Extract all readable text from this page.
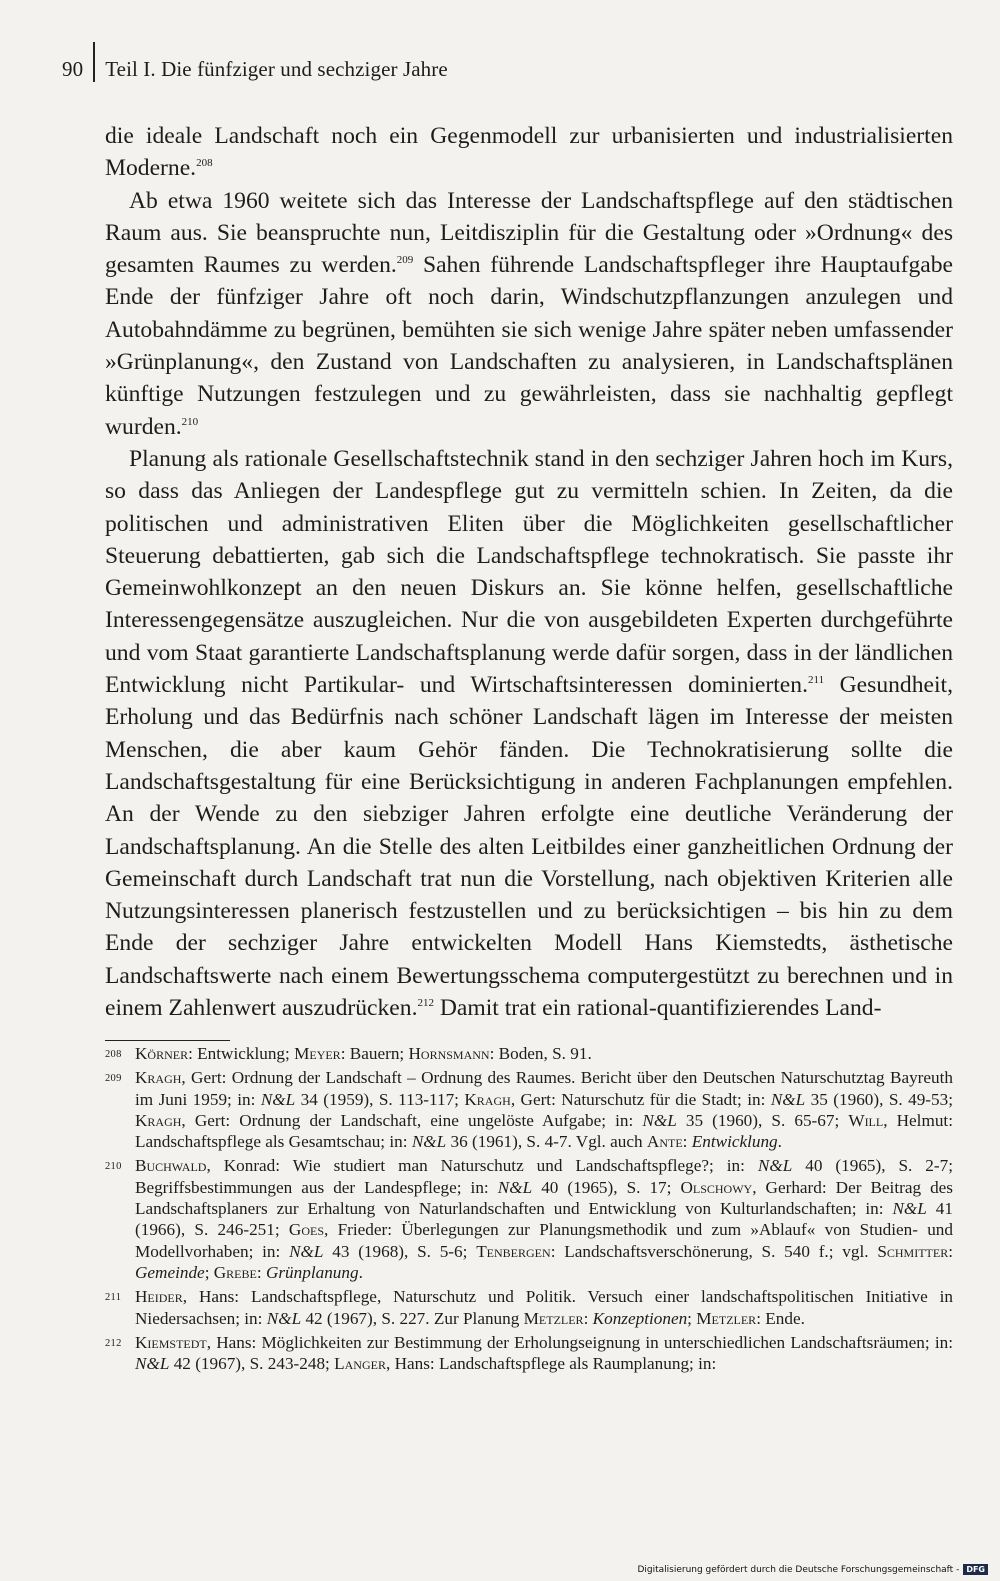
90 Teil I. Die fünfziger und sechziger Jahre

die ideale Landschaft noch ein Gegenmodell zur urbanisierten und industrialisierten Moderne.$^{208}$

Ab etwa 1960 weitete sich das Interesse der Landschaftspflege auf den städtischen Raum aus. Sie beanspruchte nun, Leitdisziplin für die Gestaltung oder »Ordnung« des gesamten Raumes zu werden.$^{209}$ Sahen führende Landschaftspfleger ihre Hauptaufgabe Ende der fünfziger Jahre oft noch darin, Windschutzpflanzungen anzulegen und Autobahndämme zu begrünen, bemühten sie sich wenige Jahre später neben umfassender »Grünplanung«, den Zustand von Landschaften zu analysieren, in Landschaftsplänen künftige Nutzungen festzulegen und zu gewährleisten, dass sie nachhaltig gepflegt wurden.$^{210}$

Planung als rationale Gesellschaftstechnik stand in den sechziger Jahren hoch im Kurs, so dass das Anliegen der Landespflege gut zu vermitteln schien. In Zeiten, da die politischen und administrativen Eliten über die Möglichkeiten gesellschaftlicher Steuerung debattierten, gab sich die Landschaftspflege technokratisch. Sie passte ihr Gemeinwohlkonzept an den neuen Diskurs an. Sie könne helfen, gesellschaftliche Interessengegensätze auszugleichen. Nur die von ausgebildeten Experten durchgeführte und vom Staat garantierte Landschaftsplanung werde dafür sorgen, dass in der ländlichen Entwicklung nicht Partikular- und Wirtschaftsinteressen dominierten.$^{211}$ Gesundheit, Erholung und das Bedürfnis nach schöner Landschaft lägen im Interesse der meisten Menschen, die aber kaum Gehör fänden. Die Technokratisierung sollte die Landschaftsgestaltung für eine Berücksichtigung in anderen Fachplanungen empfehlen. An der Wende zu den siebziger Jahren erfolgte eine deutliche Veränderung der Landschaftsplanung. An die Stelle des alten Leitbildes einer ganzheitlichen Ordnung der Gemeinschaft durch Landschaft trat nun die Vorstellung, nach objektiven Kriterien alle Nutzungsinteressen planerisch festzustellen und zu berücksichtigen – bis hin zu dem Ende der sechziger Jahre entwickelten Modell Hans Kiemstedts, ästhetische Landschaftswerte nach einem Bewertungsschema computergestützt zu berechnen und in einem Zahlenwert auszudrücken.$^{212}$ Damit trat ein rational-quantifizierendes Land-

208 Körner: Entwicklung; Meyer: Bauern; Hornsmann: Boden, S. 91.
209 Kragh, Gert: Ordnung der Landschaft – Ordnung des Raumes. Bericht über den Deutschen Naturschutztag Bayreuth im Juni 1959; in: N&L 34 (1959), S. 113-117; Kragh, Gert: Naturschutz für die Stadt; in: N&L 35 (1960), S. 49-53; Kragh, Gert: Ordnung der Landschaft, eine ungelöste Aufgabe; in: N&L 35 (1960), S. 65-67; Will, Helmut: Landschaftspflege als Gesamtschau; in: N&L 36 (1961), S. 4-7. Vgl. auch Ante: Entwicklung.
210 Buchwald, Konrad: Wie studiert man Naturschutz und Landschaftspflege?; in: N&L 40 (1965), S. 2-7; Begriffsbestimmungen aus der Landespflege; in: N&L 40 (1965), S. 17; Olschowy, Gerhard: Der Beitrag des Landschaftsplaners zur Erhaltung von Naturlandschaften und Entwicklung von Kulturlandschaften; in: N&L 41 (1966), S. 246-251; Goes, Frieder: Überlegungen zur Planungsmethodik und zum »Ablauf« von Studien- und Modellvorhaben; in: N&L 43 (1968), S. 5-6; Tenbergen: Landschaftsverschönerung, S. 540 f.; vgl. Schmitter: Gemeinde; Grebe: Grünplanung.
211 Heider, Hans: Landschaftspflege, Naturschutz und Politik. Versuch einer landschaftspolitischen Initiative in Niedersachsen; in: N&L 42 (1967), S. 227. Zur Planung Metzler: Konzeptionen; Metzler: Ende.
212 Kiemstedt, Hans: Möglichkeiten zur Bestimmung der Erholungseignung in unterschiedlichen Landschaftsräumen; in: N&L 42 (1967), S. 243-248; Langer, Hans: Landschaftspflege als Raumplanung; in:
Digitalisierung gefördert durch die Deutsche Forschungsgemeinschaft - DFG
